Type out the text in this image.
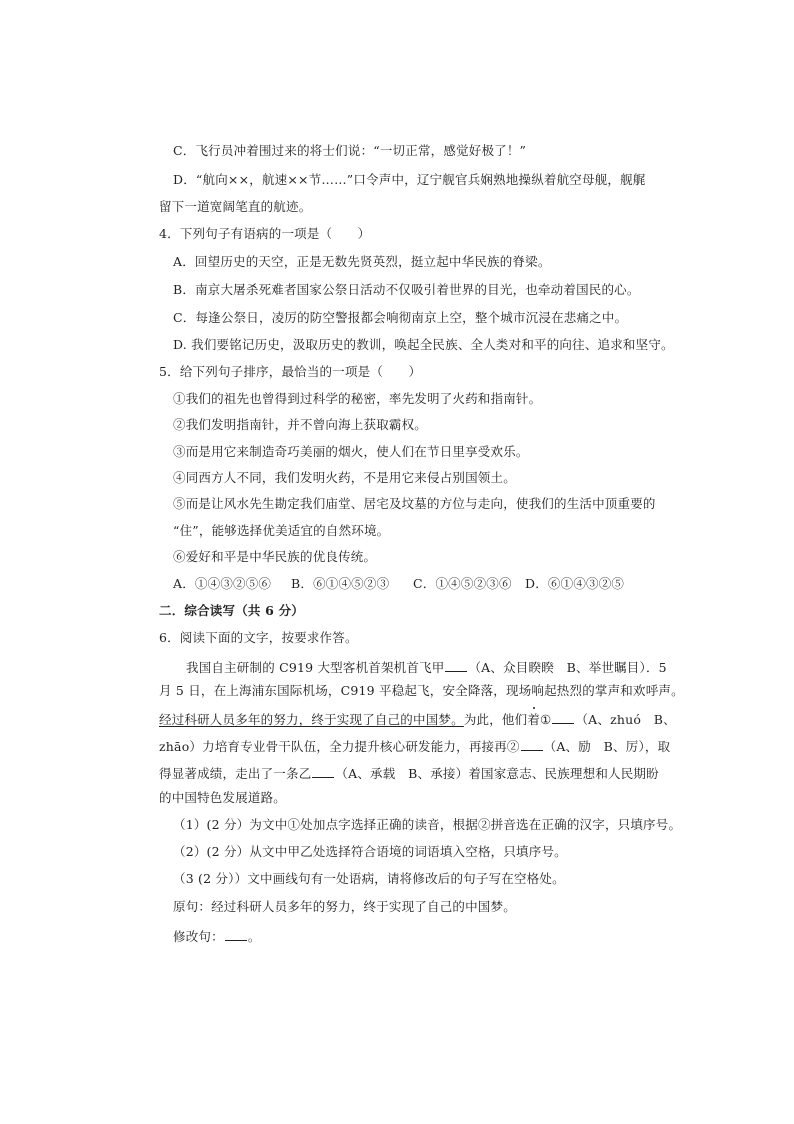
C．飞行员冲着围过来的将士们说：“一切正常，感觉好极了！”
D．“航向××，航速××节……”口令声中，辽宁舰官兵娴熟地操纵着航空母舰，舰艉
留下一道宽阔笔直的航迹。
4．下列句子有语病的一项是（　　）
A．回望历史的天空，正是无数先贤英烈，挺立起中华民族的脊梁。
B．南京大屠杀死难者国家公祭日活动不仅吸引着世界的目光，也牵动着国民的心。
C．每逢公祭日，凌厉的防空警报都会响彻南京上空，整个城市沉浸在悲痛之中。
D. 我们要铭记历史，汲取历史的教训，唤起全民族、全人类对和平的向往、追求和坚守。
5．给下列句子排序，最恰当的一项是（　　）
①我们的祖先也曾得到过科学的秘密，率先发明了火药和指南针。
②我们发明指南针，并不曾向海上获取霸权。
③而是用它来制造奇巧美丽的烟火，使人们在节日里享受欢乐。
④同西方人不同，我们发明火药，不是用它来侵占别国领土。
⑤而是让风水先生勘定我们庙堂、居宅及坟墓的方位与走向，使我们的生活中顶重要的
“住”，能够选择优美适宜的自然环境。
⑥爱好和平是中华民族的优良传统。
A．①④③②⑤⑥ B．⑥①④⑤②③ C．①④⑤②③⑥ D．⑥①④③②⑤
二．综合读写（共 6 分）
6．阅读下面的文字，按要求作答。
我国自主研制的 C919 大型客机首架机首飞甲 （A、众目睽睽　B、举世瞩目）．5
月 5 日，在上海浦东国际机场，C919 平稳起飞，安全降落，现场响起热烈的掌声和欢呼声。
经过科研人员多年的努力，终于实现了自己的中国梦。为此，他们着① （A、zhuó　B、
zhāo）力培育专业骨干队伍，全力提升核心研发能力，再接再② （A、励　B、厉），取
得显著成绩，走出了一条乙 （A、承载　B、承接）着国家意志、民族理想和人民期盼
的中国特色发展道路。
（1）(2 分）为文中①处加点字选择正确的读音，根据②拼音选在正确的汉字，只填序号。
（2）(2 分）从文中甲乙处选择符合语境的词语填入空格，只填序号。
（3 (2 分））文中画线句有一处语病，请将修改后的句子写在空格处。
原句：经过科研人员多年的努力，终于实现了自己的中国梦。
修改句： 。
